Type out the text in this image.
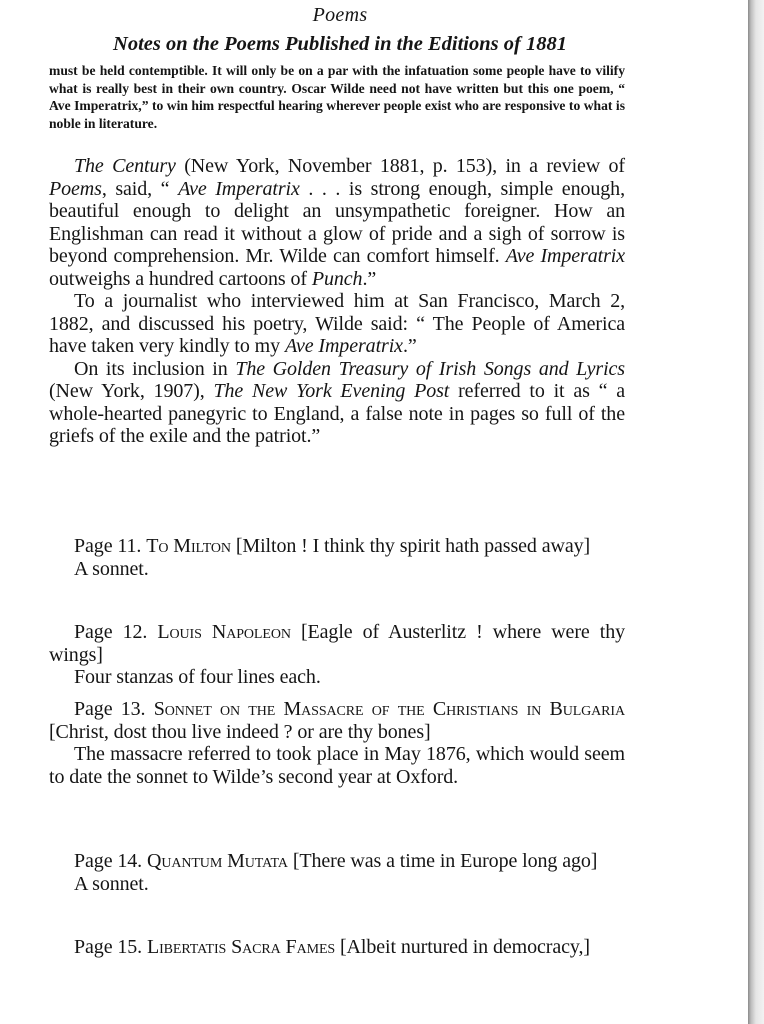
Poems
Notes on the Poems Published in the Editions of 1881
must be held contemptible. It will only be on a par with the infatuation some people have to vilify what is really best in their own country. Oscar Wilde need not have written but this one poem, “ Ave Imperatrix,” to win him respectful hearing wherever people exist who are responsive to what is noble in literature.

The Century (New York, November 1881, p. 153), in a review of Poems, said, “ Ave Imperatrix . . . is strong enough, simple enough, beautiful enough to delight an unsympathetic foreigner. How an Englishman can read it without a glow of pride and a sigh of sorrow is beyond comprehension. Mr. Wilde can comfort himself. Ave Imperatrix outweighs a hundred cartoons of Punch.”

To a journalist who interviewed him at San Francisco, March 2, 1882, and discussed his poetry, Wilde said: “ The People of America have taken very kindly to my Ave Imperatrix.”

On its inclusion in The Golden Treasury of Irish Songs and Lyrics (New York, 1907), The New York Evening Post referred to it as “ a whole-hearted panegyric to England, a false note in pages so full of the griefs of the exile and the patriot.”

Page 11. To Milton [Milton ! I think thy spirit hath passed away]

A sonnet.

Page 12. Louis Napoleon [Eagle of Austerlitz ! where were thy wings]

Four stanzas of four lines each.

Page 13. Sonnet on the Massacre of the Christians in Bulgaria [Christ, dost thou live indeed ? or are thy bones]

The massacre referred to took place in May 1876, which would seem to date the sonnet to Wilde’s second year at Oxford.

Page 14. Quantum Mutata [There was a time in Europe long ago]

A sonnet.

Page 15. Libertatis Sacra Fames [Albeit nurtured in democracy,]
